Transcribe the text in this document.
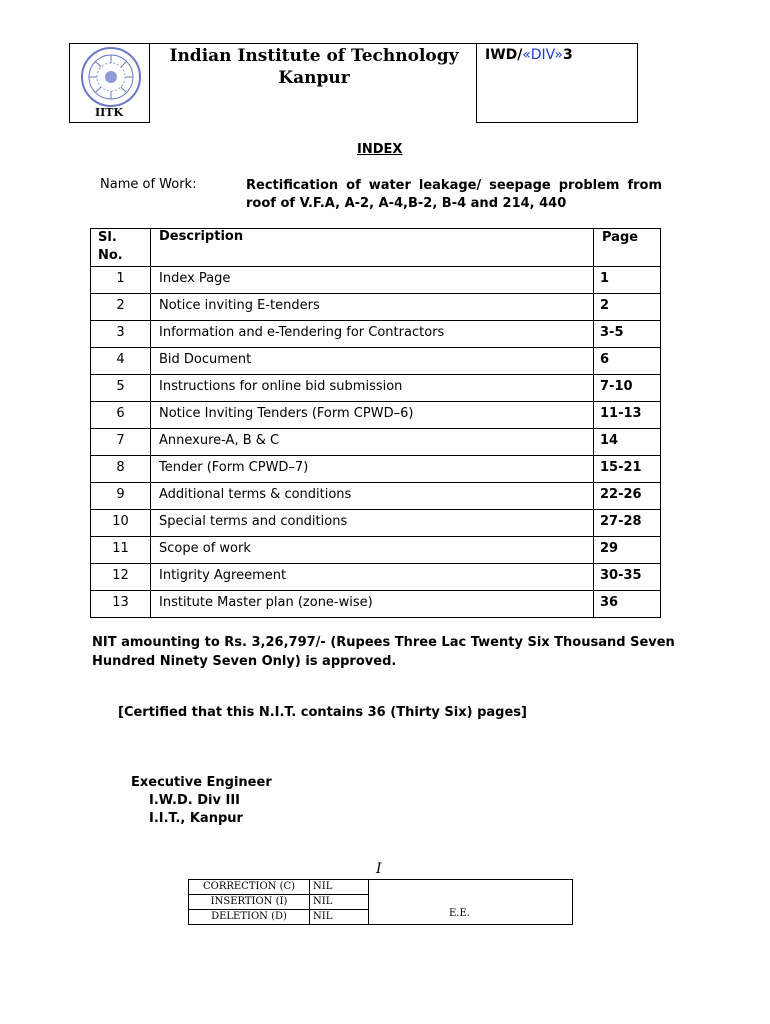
IITK
Indian Institute of Technology
Kanpur
IWD/«DIV»3
INDEX
Name of Work:	Rectification of water leakage/ seepage problem from roof of V.F.A, A-2, A-4,B-2, B-4 and 214, 440
Sl.
No.	Description	Page
1	Index Page	1
2	Notice inviting E-tenders	2
3	Information and e-Tendering for Contractors	3-5
4	Bid Document	6
5	Instructions for online bid submission	7-10
6	Notice Inviting Tenders (Form CPWD–6)	11-13
7	Annexure-A, B & C	14
8	Tender (Form CPWD–7)	15-21
9	Additional terms & conditions	22-26
10	Special terms and conditions	27-28
11	Scope of work	29
12	Intigrity Agreement	30-35
13	Institute Master plan (zone-wise)	36
NIT amounting to Rs. 3,26,797/- (Rupees Three Lac Twenty Six Thousand Seven Hundred Ninety Seven Only) is approved.
[Certified that this N.I.T. contains 36 (Thirty Six) pages]
Executive Engineer
I.W.D. Div III
I.I.T., Kanpur
I
CORRECTION (C)	NIL	
INSERTION (I)	NIL	
DELETION (D)	NIL		E.E.
